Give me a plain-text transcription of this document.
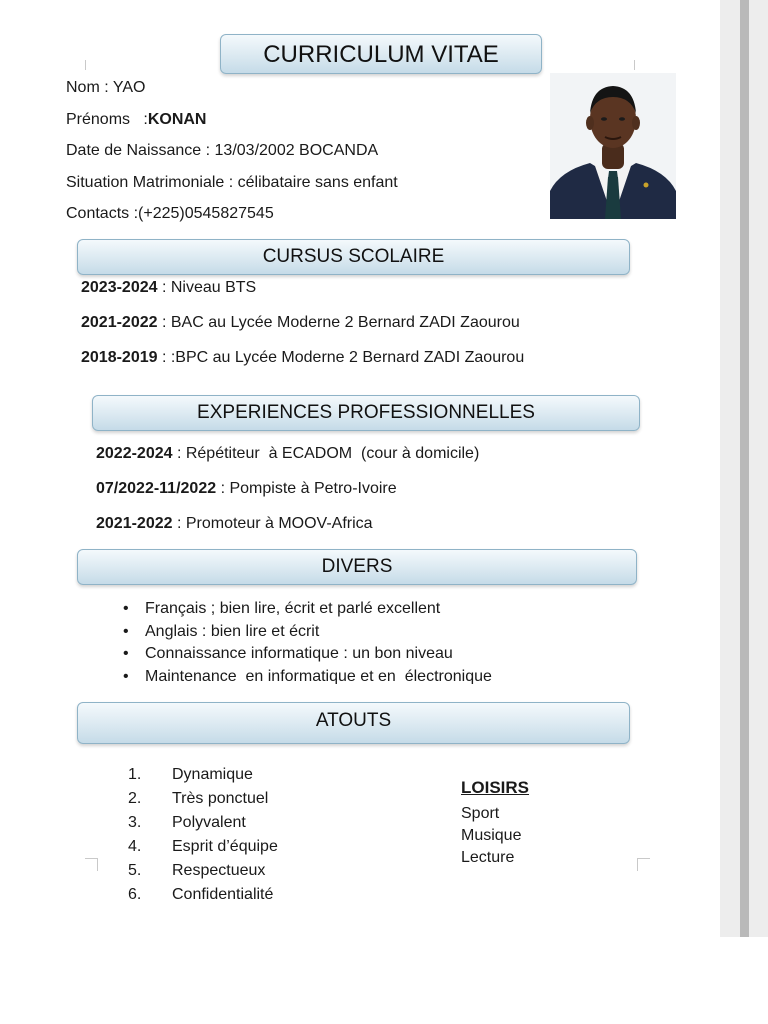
CURRICULUM VITAE
Nom : YAO
Prénoms   :KONAN
Date de Naissance : 13/03/2002 BOCANDA
Situation Matrimoniale : célibataire sans enfant
Contacts :(+225)0545827545
CURSUS SCOLAIRE
2023-2024 : Niveau BTS
2021-2022 : BAC au Lycée Moderne 2 Bernard ZADI Zaourou
2018-2019 : :BPC au Lycée Moderne 2 Bernard ZADI Zaourou
EXPERIENCES PROFESSIONNELLES
2022-2024 : Répétiteur  à ECADOM  (cour à domicile)
07/2022-11/2022 : Pompiste à Petro-Ivoire
2021-2022 : Promoteur à MOOV-Africa
DIVERS
• Français ; bien lire, écrit et parlé excellent
• Anglais : bien lire et écrit
• Connaissance informatique : un bon niveau
• Maintenance  en informatique et en  électronique
ATOUTS
1. Dynamique
2. Très ponctuel
3. Polyvalent
4. Esprit d’équipe
5. Respectueux
6. Confidentialité
LOISIRS
Sport
Musique
Lecture
